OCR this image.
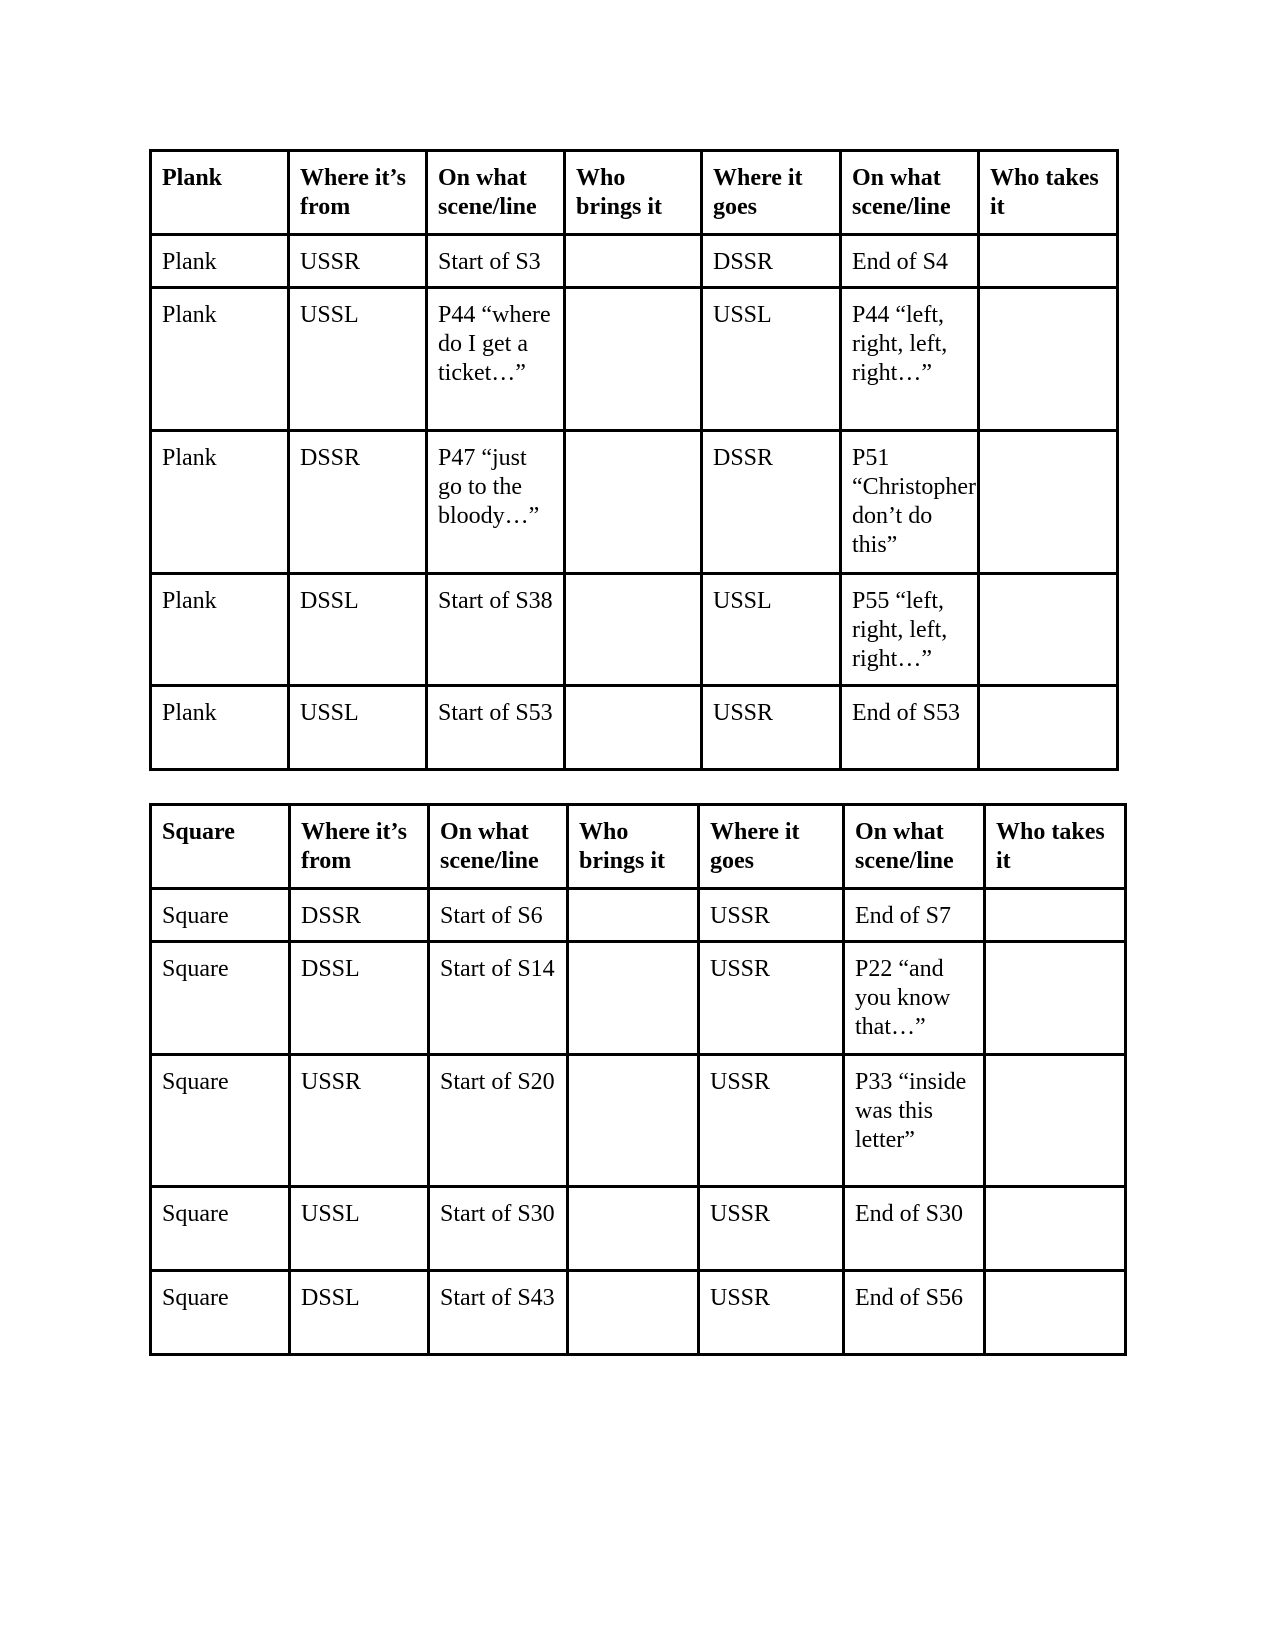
Plank	Where it’s from	On what scene/line	Who brings it	Where it goes	On what scene/line	Who takes it
Plank	USSR	Start of S3		DSSR	End of S4	
Plank	USSL	P44 “where do I get a ticket…”		USSL	P44 “left, right, left, right…”	
Plank	DSSR	P47 “just go to the bloody…”		DSSR	P51 “Christopher don’t do this”	
Plank	DSSL	Start of S38		USSL	P55 “left, right, left, right…”	
Plank	USSL	Start of S53		USSR	End of S53	
Square	Where it’s from	On what scene/line	Who brings it	Where it goes	On what scene/line	Who takes it
Square	DSSR	Start of S6		USSR	End of S7	
Square	DSSL	Start of S14		USSR	P22 “and you know that…”	
Square	USSR	Start of S20		USSR	P33 “inside was this letter”	
Square	USSL	Start of S30		USSR	End of S30	
Square	DSSL	Start of S43		USSR	End of S56	
